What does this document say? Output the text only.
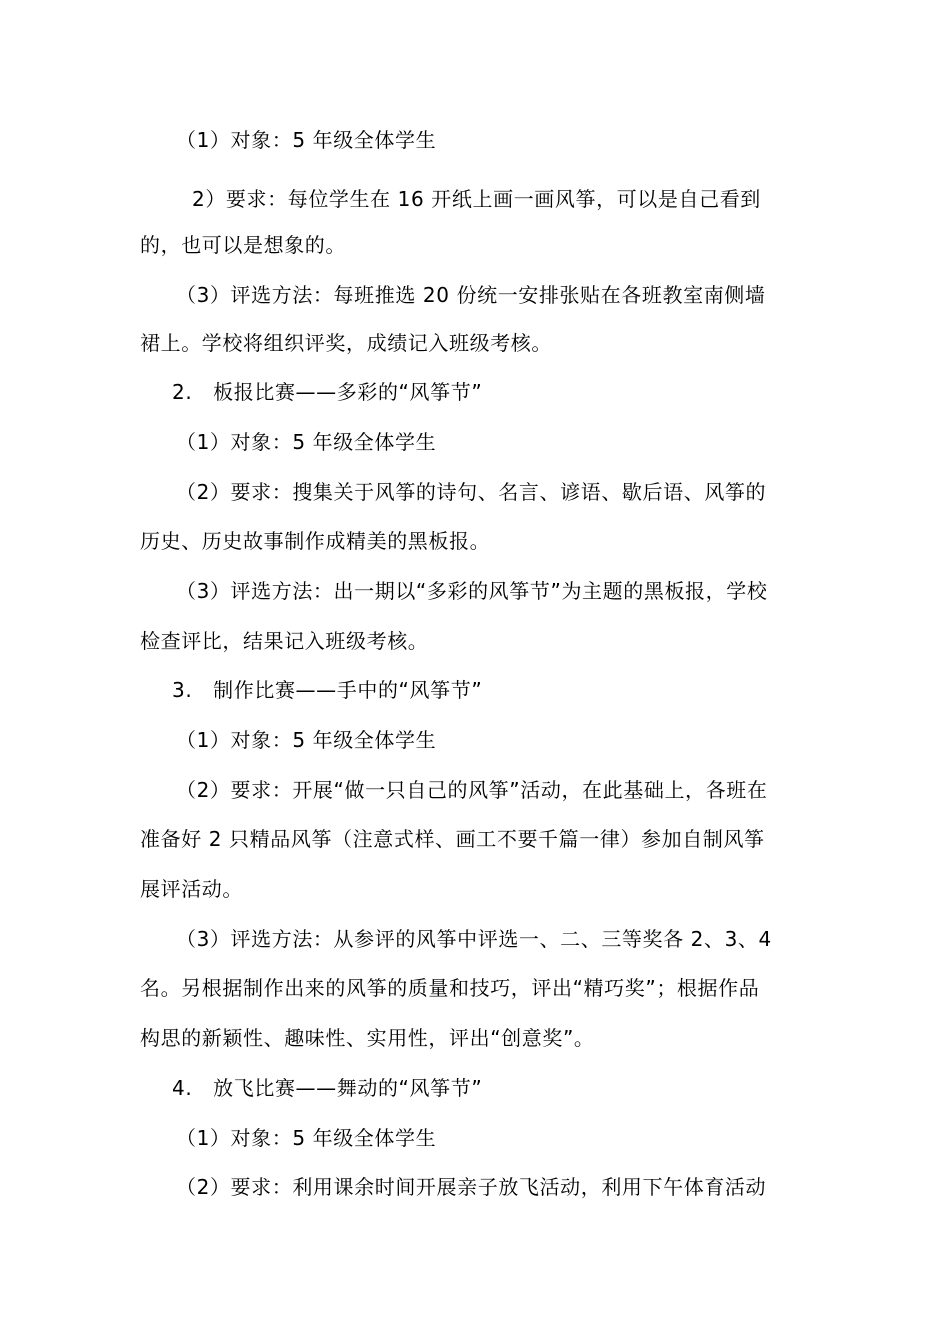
（1）对象：5 年级全体学生
2）要求：每位学生在 16 开纸上画一画风筝，可以是自己看到
的，也可以是想象的。
（3）评选方法：每班推选 20 份统一安排张贴在各班教室南侧墙
裙上。学校将组织评奖，成绩记入班级考核。
2.   板报比赛——多彩的“风筝节”
（1）对象：5 年级全体学生
（2）要求：搜集关于风筝的诗句、名言、谚语、歇后语、风筝的
历史、历史故事制作成精美的黑板报。
（3）评选方法：出一期以“多彩的风筝节”为主题的黑板报，学校
检查评比，结果记入班级考核。
3.   制作比赛——手中的“风筝节”
（1）对象：5 年级全体学生
（2）要求：开展“做一只自己的风筝”活动，在此基础上，各班在
准备好 2 只精品风筝（注意式样、画工不要千篇一律）参加自制风筝
展评活动。
（3）评选方法：从参评的风筝中评选一、二、三等奖各 2、3、4
名。另根据制作出来的风筝的质量和技巧，评出“精巧奖”；根据作品
构思的新颖性、趣味性、实用性，评出“创意奖”。
4.   放飞比赛——舞动的“风筝节”
（1）对象：5 年级全体学生
（2）要求：利用课余时间开展亲子放飞活动，利用下午体育活动
